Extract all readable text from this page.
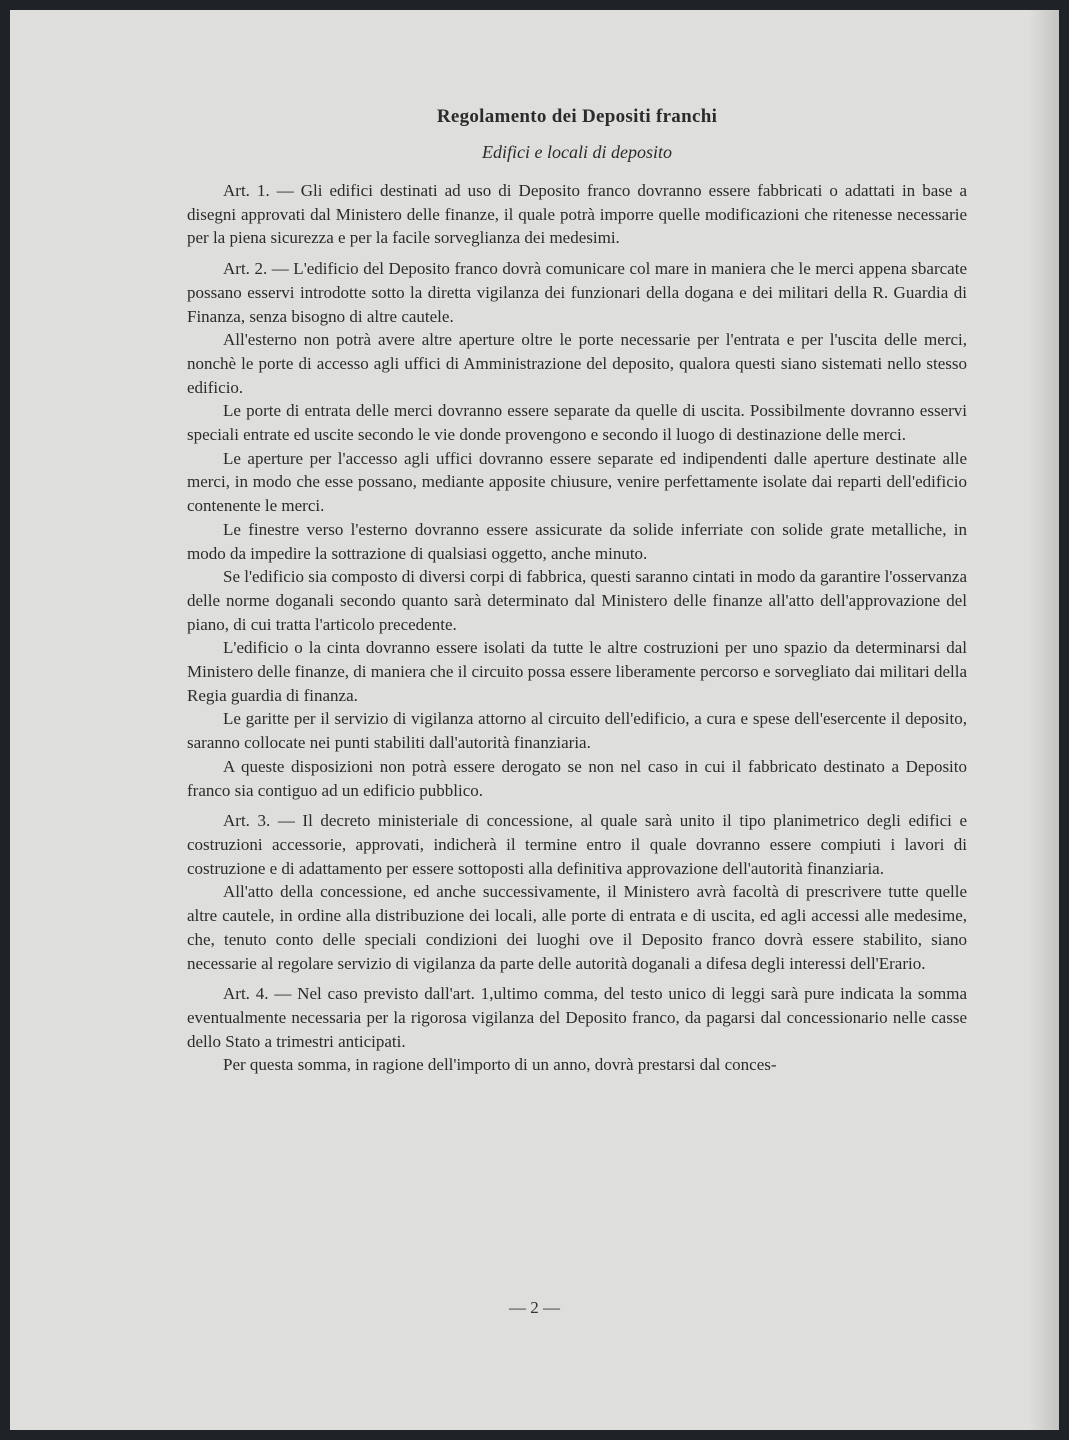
Regolamento dei Depositi franchi
Edifici e locali di deposito

Art. 1. — Gli edifici destinati ad uso di Deposito franco dovranno essere fabbricati o adattati in base a disegni approvati dal Ministero delle finanze, il quale potrà imporre quelle modificazioni che ritenesse necessarie per la piena sicurezza e per la facile sorveglianza dei medesimi.

Art. 2. — L'edificio del Deposito franco dovrà comunicare col mare in maniera che le merci appena sbarcate possano esservi introdotte sotto la diretta vigilanza dei funzionari della dogana e dei militari della R. Guardia di Finanza, senza bisogno di altre cautele.

All'esterno non potrà avere altre aperture oltre le porte necessarie per l'entrata e per l'uscita delle merci, nonchè le porte di accesso agli uffici di Amministrazione del deposito, qualora questi siano sistemati nello stesso edificio.

Le porte di entrata delle merci dovranno essere separate da quelle di uscita. Possibilmente dovranno esservi speciali entrate ed uscite secondo le vie donde provengono e secondo il luogo di destinazione delle merci.

Le aperture per l'accesso agli uffici dovranno essere separate ed indipendenti dalle aperture destinate alle merci, in modo che esse possano, mediante apposite chiusure, venire perfettamente isolate dai reparti dell'edificio contenente le merci.

Le finestre verso l'esterno dovranno essere assicurate da solide inferriate con solide grate metalliche, in modo da impedire la sottrazione di qualsiasi oggetto, anche minuto.

Se l'edificio sia composto di diversi corpi di fabbrica, questi saranno cintati in modo da garantire l'osservanza delle norme doganali secondo quanto sarà determinato dal Ministero delle finanze all'atto dell'approvazione del piano, di cui tratta l'articolo precedente.

L'edificio o la cinta dovranno essere isolati da tutte le altre costruzioni per uno spazio da determinarsi dal Ministero delle finanze, di maniera che il circuito possa essere liberamente percorso e sorvegliato dai militari della Regia guardia di finanza.

Le garitte per il servizio di vigilanza attorno al circuito dell'edificio, a cura e spese dell'esercente il deposito, saranno collocate nei punti stabiliti dall'autorità finanziaria.

A queste disposizioni non potrà essere derogato se non nel caso in cui il fabbricato destinato a Deposito franco sia contiguo ad un edificio pubblico.

Art. 3. — Il decreto ministeriale di concessione, al quale sarà unito il tipo planimetrico degli edifici e costruzioni accessorie, approvati, indicherà il termine entro il quale dovranno essere compiuti i lavori di costruzione e di adattamento per essere sottoposti alla definitiva approvazione dell'autorità finanziaria.

All'atto della concessione, ed anche successivamente, il Ministero avrà facoltà di prescrivere tutte quelle altre cautele, in ordine alla distribuzione dei locali, alle porte di entrata e di uscita, ed agli accessi alle medesime, che, tenuto conto delle speciali condizioni dei luoghi ove il Deposito franco dovrà essere stabilito, siano necessarie al regolare servizio di vigilanza da parte delle autorità doganali a difesa degli interessi dell'Erario.

Art. 4. — Nel caso previsto dall'art. 1,ultimo comma, del testo unico di leggi sarà pure indicata la somma eventualmente necessaria per la rigorosa vigilanza del Deposito franco, da pagarsi dal concessionario nelle casse dello Stato a trimestri anticipati.

Per questa somma, in ragione dell'importo di un anno, dovrà prestarsi dal conces-

— 2 —
